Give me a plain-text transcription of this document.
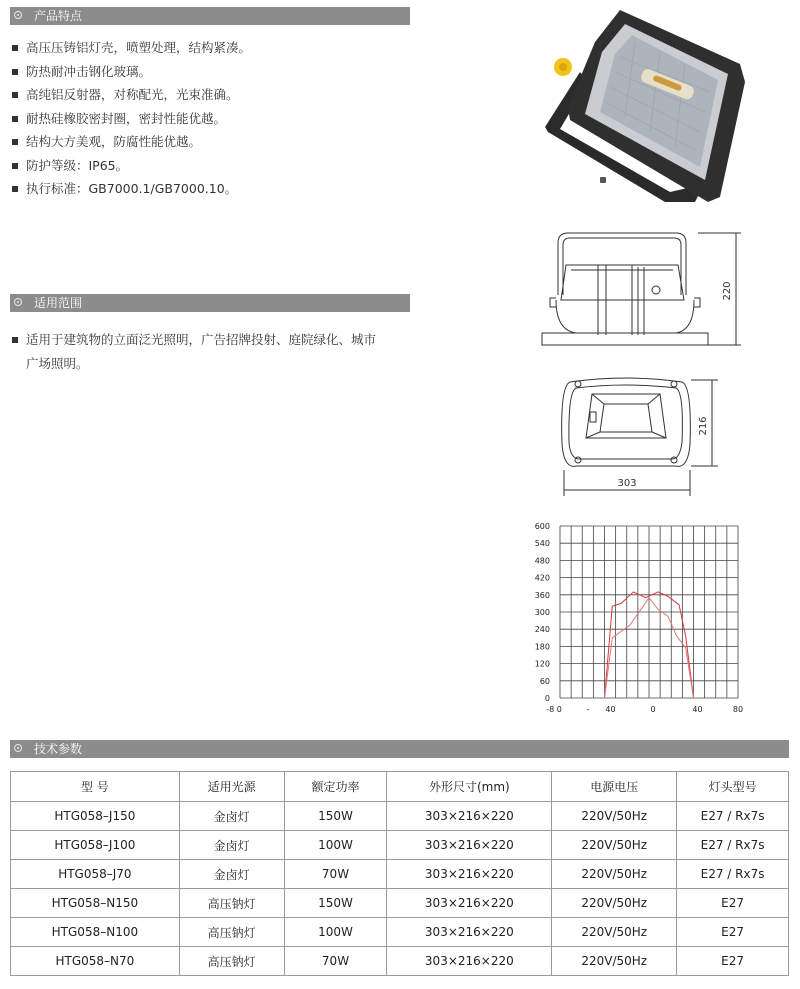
产品特点
高压压铸铝灯壳，喷塑处理，结构紧凑。
防热耐冲击钢化玻璃。
高纯铝反射器，对称配光，光束准确。
耐热硅橡胶密封圈，密封性能优越。
结构大方美观，防腐性能优越。
防护等级：IP65。
执行标准：GB7000.1/GB7000.10。
适用范围
适用于建筑物的立面泛光照明，广告招牌投射、庭院绿化、城市
广场照明。
220
216
303
600
540
480
420
360
300
240
180
120
60
0
-8 0	- 40	0	40	80
技术参数
型 号	适用光源	额定功率	外形尺寸(mm)	电源电压	灯头型号
HTG058–J150	金卤灯	150W	303×216×220	220V/50Hz	E27 / Rx7s
HTG058–J100	金卤灯	100W	303×216×220	220V/50Hz	E27 / Rx7s
HTG058–J70	金卤灯	70W	303×216×220	220V/50Hz	E27 / Rx7s
HTG058–N150	高压钠灯	150W	303×216×220	220V/50Hz	E27
HTG058–N100	高压钠灯	100W	303×216×220	220V/50Hz	E27
HTG058–N70	高压钠灯	70W	303×216×220	220V/50Hz	E27
